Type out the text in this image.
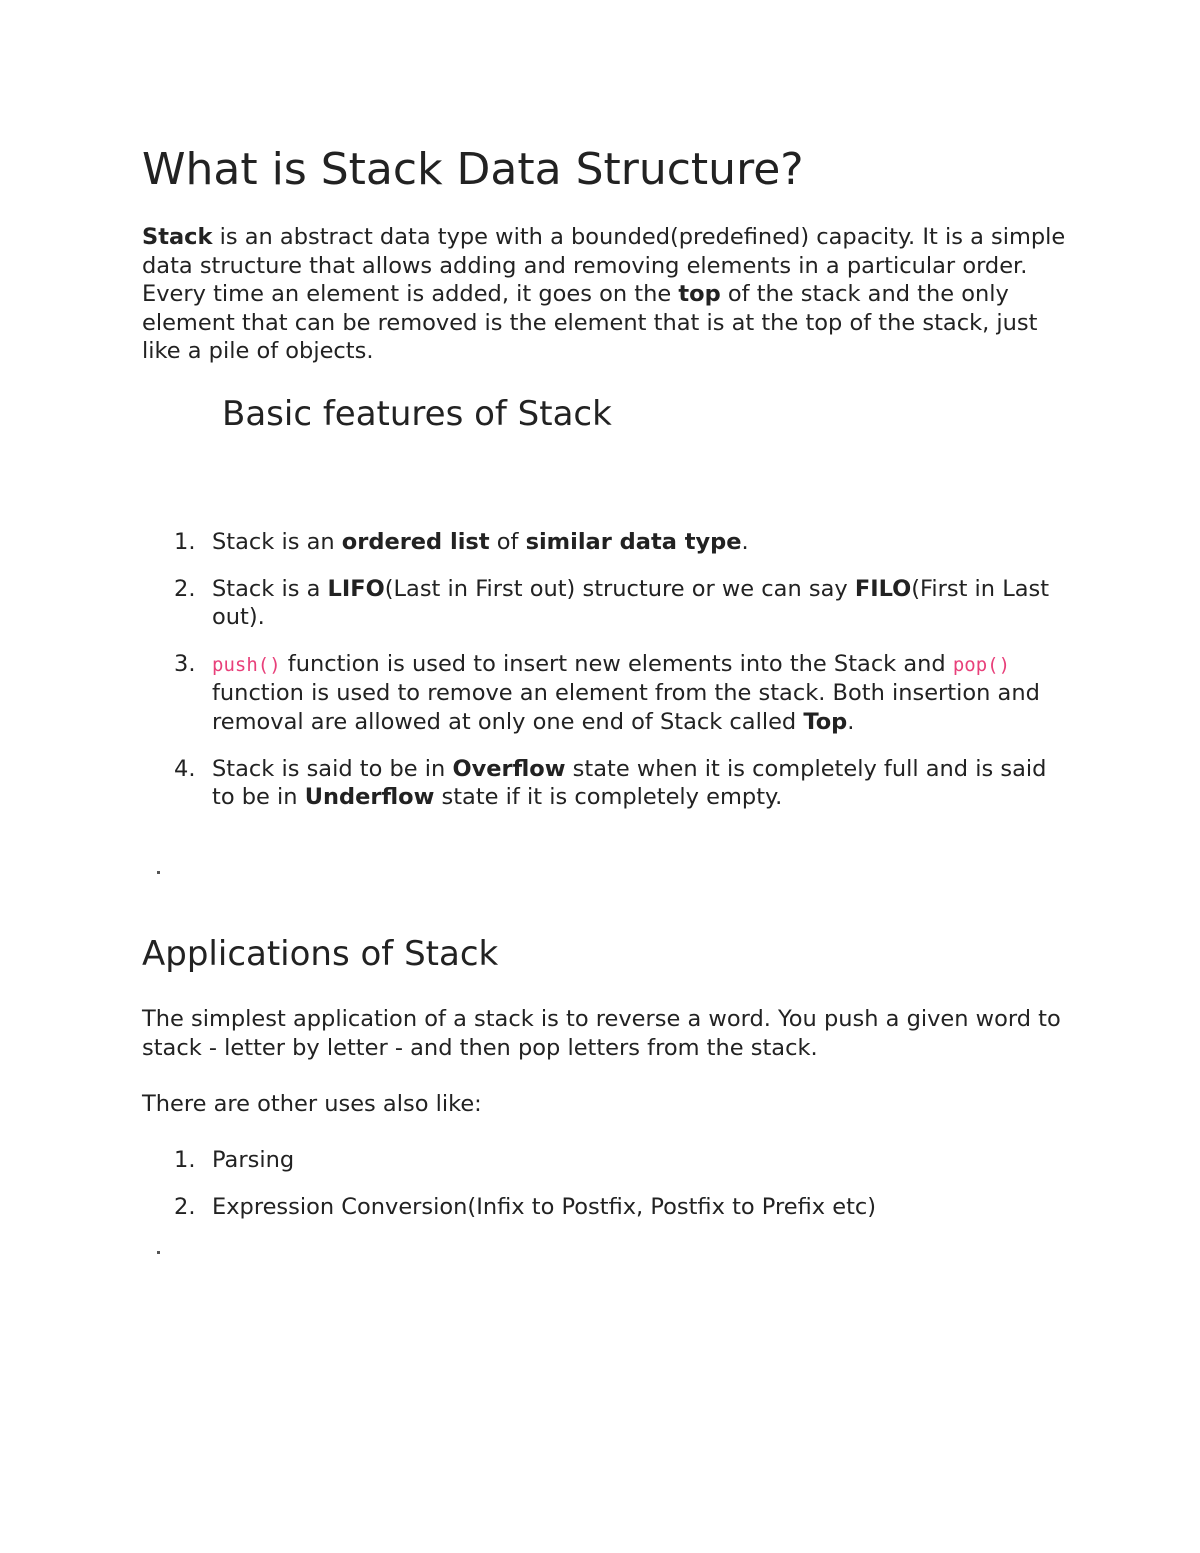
What is Stack Data Structure?

Stack is an abstract data type with a bounded(predefined) capacity. It is a simple data structure that allows adding and removing elements in a particular order. Every time an element is added, it goes on the top of the stack and the only element that can be removed is the element that is at the top of the stack, just like a pile of objects.

Basic features of Stack
1. Stack is an ordered list of similar data type.
2. Stack is a LIFO(Last in First out) structure or we can say FILO(First in Last out).
3. push() function is used to insert new elements into the Stack and pop() function is used to remove an element from the stack. Both insertion and removal are allowed at only one end of Stack called Top.
4. Stack is said to be in Overflow state when it is completely full and is said to be in Underflow state if it is completely empty.
Applications of Stack

The simplest application of a stack is to reverse a word. You push a given word to stack - letter by letter - and then pop letters from the stack.

There are other uses also like:

1. Parsing
2. Expression Conversion(Infix to Postfix, Postfix to Prefix etc)
